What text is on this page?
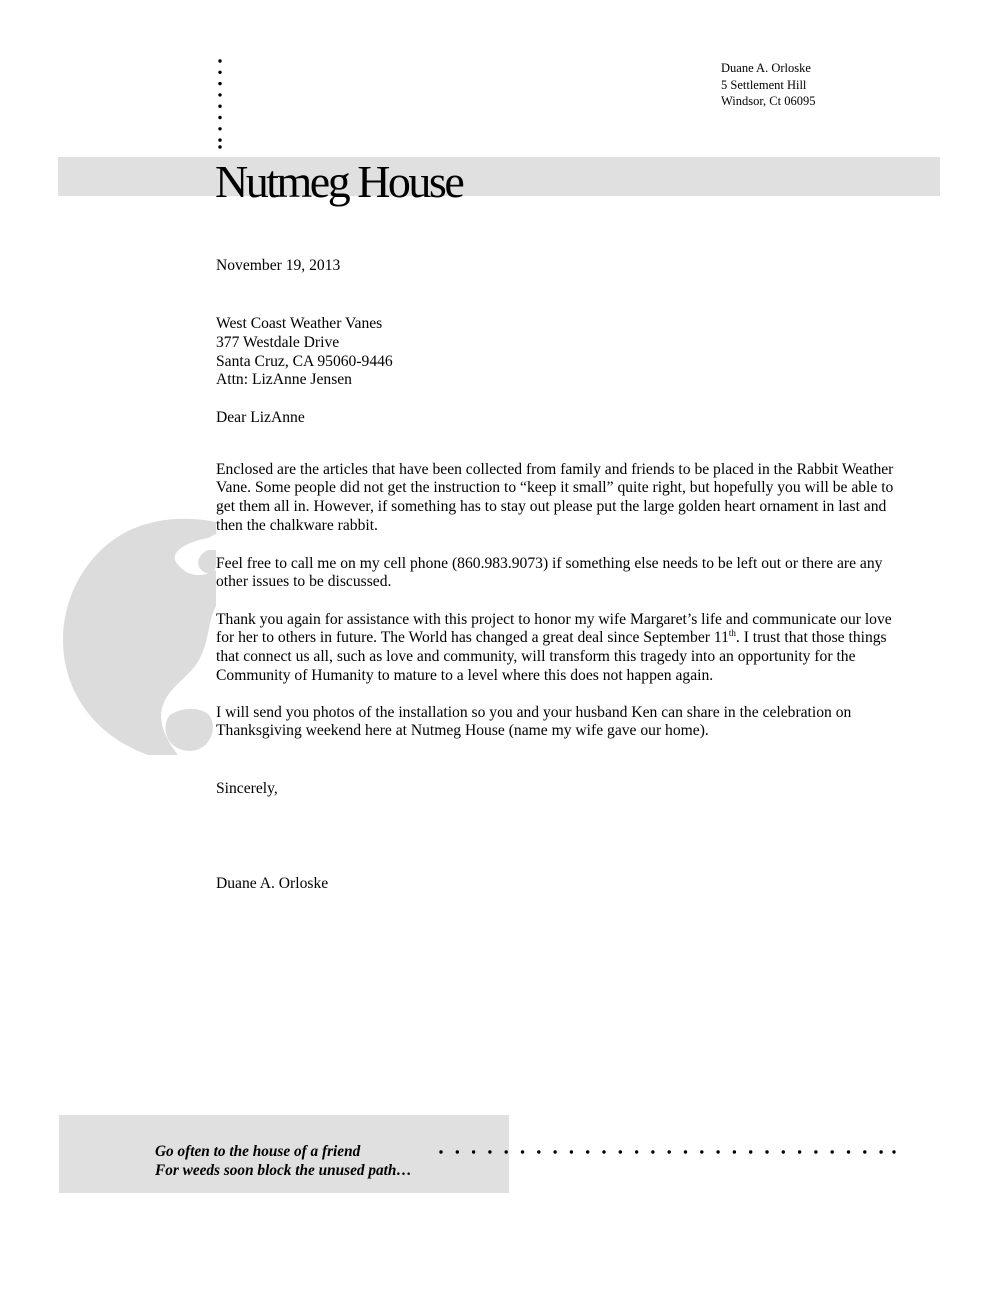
Duane A. Orloske
5 Settlement Hill
Windsor, Ct 06095
Nutmeg House
November 19, 2013
West Coast Weather Vanes
377 Westdale Drive
Santa Cruz, CA 95060-9446
Attn: LizAnne Jensen
Dear LizAnne

Enclosed are the articles that have been collected from family and friends to be placed in the Rabbit Weather Vane. Some people did not get the instruction to “keep it small” quite right, but hopefully you will be able to get them all in. However, if something has to stay out please put the large golden heart ornament in last and then the chalkware rabbit.

Feel free to call me on my cell phone (860.983.9073) if something else needs to be left out or there are any other issues to be discussed.

Thank you again for assistance with this project to honor my wife Margaret’s life and communicate our love for her to others in future. The World has changed a great deal since September 11th. I trust that those things that connect us all, such as love and community, will transform this tragedy into an opportunity for the Community of Humanity to mature to a level where this does not happen again.

I will send you photos of the installation so you and your husband Ken can share in the celebration on Thanksgiving weekend here at Nutmeg House (name my wife gave our home).

Sincerely,
Duane A. Orloske
Go often to the house of a friend
For weeds soon block the unused path…
